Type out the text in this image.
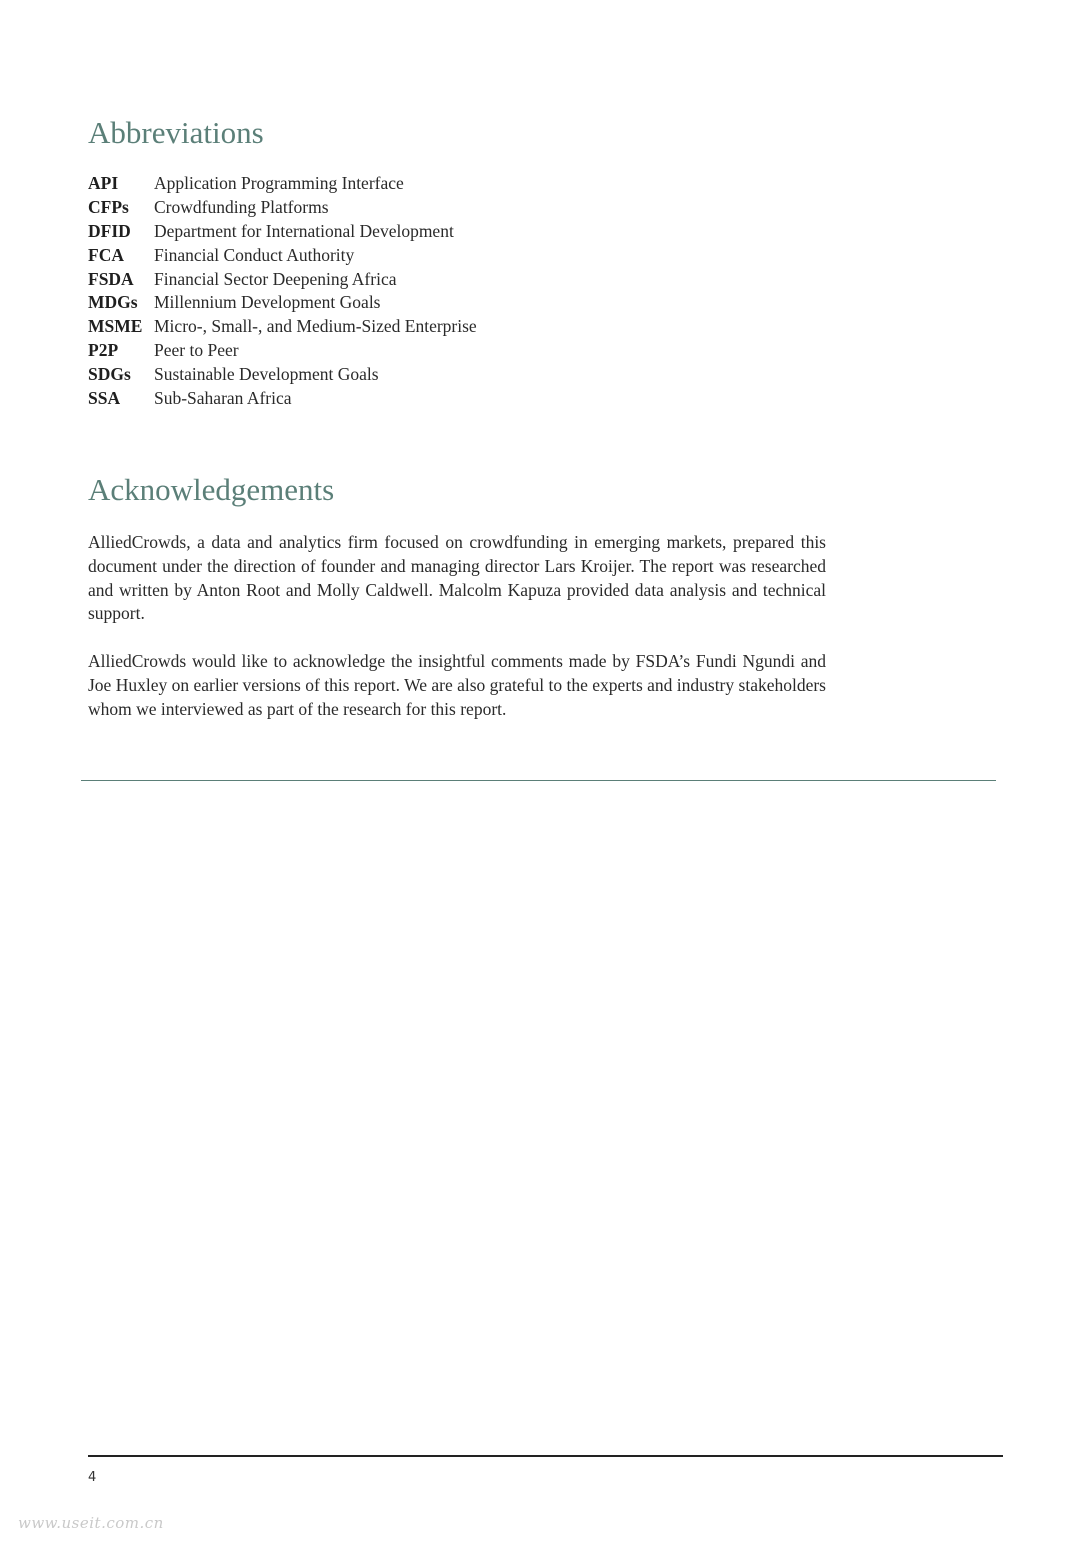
Abbreviations
API	Application Programming Interface
CFPs	Crowdfunding Platforms
DFID	Department for International Development
FCA	Financial Conduct Authority
FSDA	Financial Sector Deepening Africa
MDGs Millennium Development Goals
MSME Micro-, Small-, and Medium-Sized Enterprise
P2P	Peer to Peer
SDGs	Sustainable Development Goals
SSA	Sub-Saharan Africa
Acknowledgements

AlliedCrowds, a data and analytics firm focused on crowdfunding in emerging markets, prepared this document under the direction of founder and managing director Lars Kroijer. The report was researched and written by Anton Root and Molly Caldwell. Malcolm Kapuza provided data analysis and technical support.

AlliedCrowds would like to acknowledge the insightful comments made by FSDA’s Fundi Ngundi and Joe Huxley on earlier versions of this report. We are also grateful to the experts and industry stakeholders whom we interviewed as part of the research for this report.

4
www.useit.com.cn
